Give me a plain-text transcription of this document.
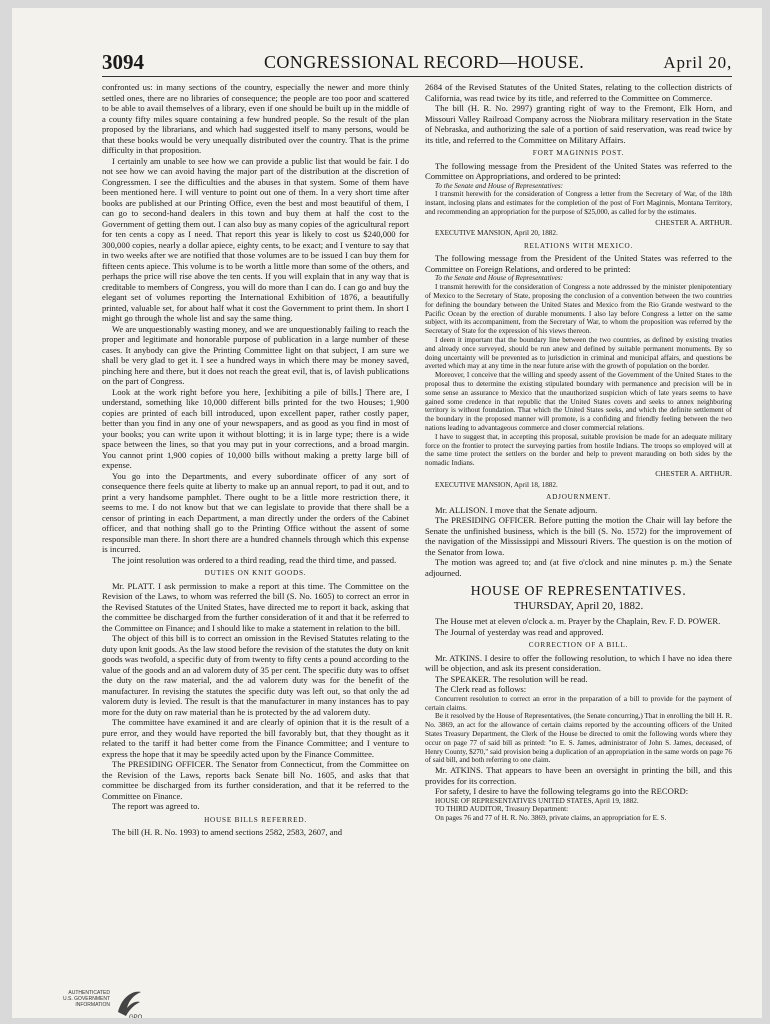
3094	CONGRESSIONAL RECORD—HOUSE.	April 20,

confronted us: in many sections of the country, especially the newer and more thinly settled ones, there are no libraries of consequence; the people are too poor and scattered to be able to avail themselves of a library, even if one should be built up in the middle of a county fifty miles square containing a few hundred people. So the result of the plan proposed by the librarians, and which had suggested itself to many persons, would be that these books would be very unequally distributed over the country. That is the prime difficulty in that proposition.

I certainly am unable to see how we can provide a public list that would be fair. I do not see how we can avoid having the major part of the distribution at the discretion of Congressmen. I see the difficulties and the abuses in that system. Some of them have been mentioned here. I will venture to point out one of them. In a very short time after books are published at our Printing Office, even the best and most beautiful of them, I can go to second-hand dealers in this town and buy them at half the cost to the Government of getting them out. I can also buy as many copies of the agricultural report for ten cents a copy as I need. That report this year is likely to cost us $240,000 for 300,000 copies, nearly a dollar apiece, eighty cents, to be exact; and I venture to say that in two weeks after we are notified that those volumes are to be issued I can buy them for fifteen cents apiece. This volume is to be worth a little more than some of the others, and perhaps the price will rise above the ten cents. If you will explain that in any way that is creditable to members of Congress, you will do more than I can do. I can go and buy the elegant set of volumes reporting the International Exhibition of 1876, a beautifully printed, valuable set, for about half what it cost the Government to print them. In short I might go through the whole list and say the same thing.

We are unquestionably wasting money, and we are unquestionably failing to reach the proper and legitimate and honorable purpose of publication in a large number of these cases. It anybody can give the Printing Committee light on that subject, I am sure we shall be very glad to get it. I see a hundred ways in which there may be money saved, pinching here and there, but it does not reach the great evil, that is, of lavish publications on the part of Congress.

Look at the work right before you here, [exhibiting a pile of bills.] There are, I understand, something like 10,000 different bills printed for the two Houses; 1,900 copies are printed of each bill introduced, upon excellent paper, rather costly paper, better than you find in any one of your newspapers, and as good as you find in most of your books; you can write upon it without blotting; it is in large type; there is a wide space between the lines, so that you may put in your corrections, and a broad margin. You cannot print 1,900 copies of 10,000 bills without making a pretty large bill of expense.

You go into the Departments, and every subordinate officer of any sort of consequence there feels quite at liberty to make up an annual report, to pad it out, and to print a very handsome pamphlet. There ought to be a little more restriction there, it seems to me. I do not know but that we can legislate to provide that there shall be a censor of printing in each Department, a man directly under the orders of the Cabinet officer, and that nothing shall go to the Printing Office without the assent of some responsible man there. In short there are a hundred channels through which this expense is incurred.

The joint resolution was ordered to a third reading, read the third time, and passed.

DUTIES ON KNIT GOODS.

Mr. PLATT. I ask permission to make a report at this time. The Committee on the Revision of the Laws, to whom was referred the bill (S. No. 1605) to correct an error in the Revised Statutes of the United States, have directed me to report it back, asking that the committee be discharged from the further consideration of it and that it be referred to the Committee on Finance; and I should like to make a statement in relation to the bill.

The object of this bill is to correct an omission in the Revised Statutes relating to the duty upon knit goods. As the law stood before the revision of the statutes the duty on knit goods was twofold, a specific duty of from twenty to fifty cents a pound according to the value of the goods and an ad valorem duty of 35 per cent. The specific duty was to offset the duty on the raw material, and the ad valorem duty was for the benefit of the manufacturer. In revising the statutes the specific duty was left out, so that only the ad valorem duty is levied. The result is that the manufacturer in many instances has to pay more for the duty on raw material than he is protected by the ad valorem duty.

The committee have examined it and are clearly of opinion that it is the result of a pure error, and they would have reported the bill favorably but, that they thought as it related to the tariff it had better come from the Finance Committee; and I venture to express the hope that it may be speedily acted upon by the Finance Committee.

The PRESIDING OFFICER. The Senator from Connecticut, from the Committee on the Revision of the Laws, reports back Senate bill No. 1605, and asks that that committee be discharged from its further consideration, and that it be referred to the Committee on Finance.

The report was agreed to.

HOUSE BILLS REFERRED.

The bill (H. R. No. 1993) to amend sections 2582, 2583, 2607, and

2684 of the Revised Statutes of the United States, relating to the collection districts of California, was read twice by its title, and referred to the Committee on Commerce.

The bill (H. R. No. 2997) granting right of way to the Fremont, Elk Horn, and Missouri Valley Railroad Company across the Niobrara military reservation in the State of Nebraska, and authorizing the sale of a portion of said reservation, was read twice by its title, and referred to the Committee on Military Affairs.

FORT MAGINNIS POST.

The following message from the President of the United States was referred to the Committee on Appropriations, and ordered to be printed:

To the Senate and House of Representatives:

I transmit herewith for the consideration of Congress a letter from the Secretary of War, of the 18th instant, inclosing plans and estimates for the completion of the post of Fort Maginnis, Montana Territory, and recommending an appropriation for the purpose of $25,000, as called for by the estimates.

CHESTER A. ARTHUR.

EXECUTIVE MANSION, April 20, 1882.

RELATIONS WITH MEXICO.

The following message from the President of the United States was referred to the Committee on Foreign Relations, and ordered to be printed:

To the Senate and House of Representatives:

I transmit herewith for the consideration of Congress a note addressed by the minister plenipotentiary of Mexico to the Secretary of State, proposing the conclusion of a convention between the two countries for defining the boundary between the United States and Mexico from the Rio Grande westward to the Pacific Ocean by the erection of durable monuments. I also lay before Congress a letter on the same subject, with its accompaniment, from the Secretary of War, to whom the proposition was referred by the Secretary of State for the expression of his views thereon.

I deem it important that the boundary line between the two countries, as defined by existing treaties and already once surveyed, should be run anew and defined by suitable permanent monuments. By so doing uncertainty will be prevented as to jurisdiction in criminal and municipal affairs, and questions be averted which may at any time in the near future arise with the growth of population on the border.

Moreover, I conceive that the willing and speedy assent of the Government of the United States to the proposal thus to determine the existing stipulated boundary with permanence and precision will be in some sense an assurance to Mexico that the unauthorized suspicion which of late years seems to have gained some credence in that republic that the United States covets and seeks to annex neighboring territory is without foundation. That which the United States seeks, and which the definite settlement of the boundary in the proposed manner will promote, is a confiding and friendly feeling between the two nations leading to advantageous commerce and closer commercial relations.

I have to suggest that, in accepting this proposal, suitable provision be made for an adequate military force on the frontier to protect the surveying parties from hostile Indians. The troops so employed will at the same time protect the settlers on the border and help to prevent marauding on both sides by the nomadic Indians.

CHESTER A. ARTHUR.

EXECUTIVE MANSION, April 18, 1882.

ADJOURNMENT.

Mr. ALLISON. I move that the Senate adjourn.

The PRESIDING OFFICER. Before putting the motion the Chair will lay before the Senate the unfinished business, which is the bill (S. No. 1572) for the improvement of the navigation of the Mississippi and Missouri Rivers. The question is on the motion of the Senator from Iowa.

The motion was agreed to; and (at five o'clock and nine minutes p. m.) the Senate adjourned.

HOUSE OF REPRESENTATIVES.
THURSDAY, April 20, 1882.

The House met at eleven o'clock a. m. Prayer by the Chaplain, Rev. F. D. POWER.

The Journal of yesterday was read and approved.

CORRECTION OF A BILL.

Mr. ATKINS. I desire to offer the following resolution, to which I have no idea there will be objection, and ask its present consideration.

The SPEAKER. The resolution will be read.

The Clerk read as follows:

Concurrent resolution to correct an error in the preparation of a bill to provide for the payment of certain claims.

Be it resolved by the House of Representatives, (the Senate concurring,) That in enrolling the bill H. R. No. 3869, an act for the allowance of certain claims reported by the accounting officers of the United States Treasury Department, the Clerk of the House be directed to omit the following words where they occur on page 77 of said bill as printed: "to E. S. James, administrator of John S. James, deceased, of Henry County, $270," said provision being a duplication of an appropriation in the same words on page 76 of said bill, and both referring to one claim.

Mr. ATKINS. That appears to have been an oversight in printing the bill, and this provides for its correction.

For safety, I desire to have the following telegrams go into the RECORD:

HOUSE OF REPRESENTATIVES UNITED STATES, April 19, 1882.

TO THIRD AUDITOR, Treasury Department:

On pages 76 and 77 of H. R. No. 3869, private claims, an appropriation for E. S.

AUTHENTICATED
U.S. GOVERNMENT
INFORMATION
GPO
